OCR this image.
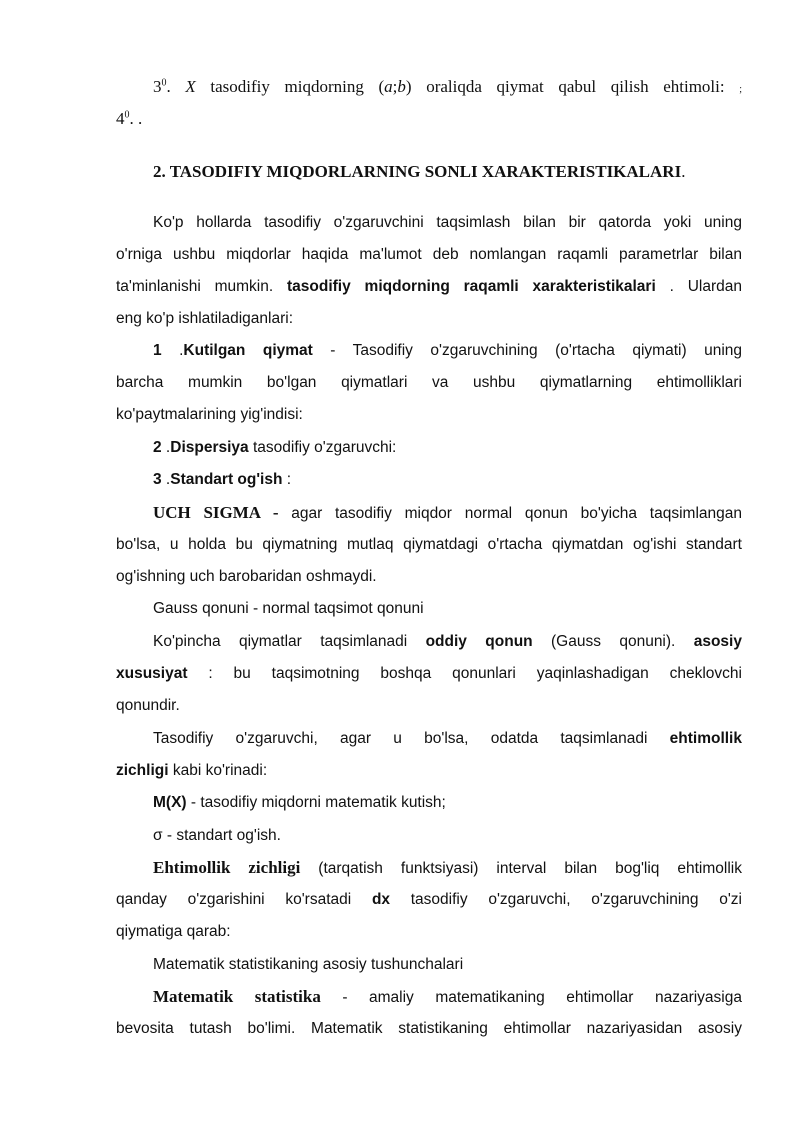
$3^0$. X tasodifiy miqdorning (a;b) oraliqda qiymat qabul qilish ehtimoli: ;
$4^0$. .
2. TASODIFIY MIQDORLARNING SONLI XARAKTERISTIKALARI.
Ko'p hollarda tasodifiy o'zgaruvchini taqsimlash bilan bir qatorda yoki uning
o'rniga ushbu miqdorlar haqida ma'lumot deb nomlangan raqamli parametrlar bilan
ta'minlanishi mumkin. tasodifiy miqdorning raqamli xarakteristikalari . Ulardan
eng ko'p ishlatiladiganlari:
1 .Kutilgan qiymat - Tasodifiy o'zgaruvchining (o'rtacha qiymati) uning
barcha mumkin bo'lgan qiymatlari va ushbu qiymatlarning ehtimolliklari
ko'paytmalarining yig'indisi:
2 .Dispersiya tasodifiy o'zgaruvchi:
3 .Standart og'ish :
UCH SIGMA - agar tasodifiy miqdor normal qonun bo'yicha taqsimlangan
bo'lsa, u holda bu qiymatning mutlaq qiymatdagi o'rtacha qiymatdan og'ishi standart
og'ishning uch barobaridan oshmaydi.
Gauss qonuni - normal taqsimot qonuni
Ko'pincha qiymatlar taqsimlanadi oddiy qonun (Gauss qonuni). asosiy
xususiyat : bu taqsimotning boshqa qonunlari yaqinlashadigan cheklovchi
qonundir.
Tasodifiy o'zgaruvchi, agar u bo'lsa, odatda taqsimlanadi ehtimollik
zichligi kabi ko'rinadi:
M(X) - tasodifiy miqdorni matematik kutish;
σ - standart og'ish.
Ehtimollik zichligi (tarqatish funktsiyasi) interval bilan bog'liq ehtimollik
qanday o'zgarishini ko'rsatadi dx tasodifiy o'zgaruvchi, o'zgaruvchining o'zi
qiymatiga qarab:
Matematik statistikaning asosiy tushunchalari
Matematik statistika - amaliy matematikaning ehtimollar nazariyasiga
bevosita tutash bo'limi. Matematik statistikaning ehtimollar nazariyasidan asosiy
